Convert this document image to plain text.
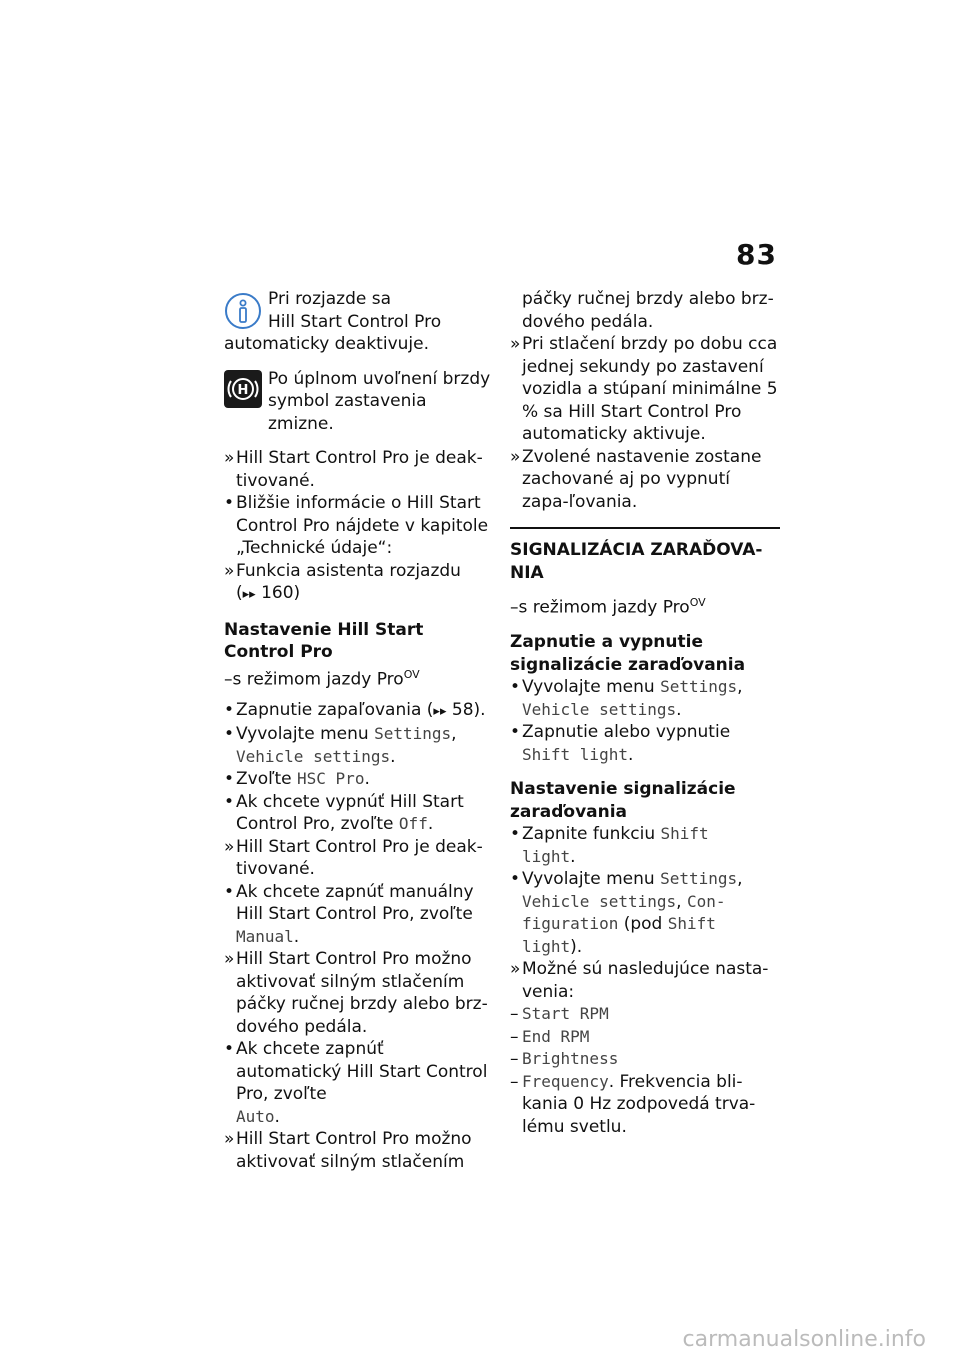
83
Pri rozjazde sa
Hill Start Control Pro
automaticky deaktivuje.
H
Po úplnom uvoľnení brzdy
symbol zastavenia zmizne.
» Hill Start Control Pro je deak-tivované.
• Bližšie informácie o Hill Start Control Pro nájdete v kapitole „Technické údaje“:
» Funkcia asistenta rozjazdu
(▸▸ 160)
Nastavenie Hill Start Control Pro
–s režimom jazdy Pro$^{OV}$
• Zapnutie zapaľovania (▸▸ 58).
• Vyvolajte menu Settings,
Vehicle settings.
• Zvoľte HSC Pro.
• Ak chcete vypnúť Hill Start Control Pro, zvoľte Off.
» Hill Start Control Pro je deak-tivované.
• Ak chcete zapnúť manuálny Hill Start Control Pro, zvoľte
Manual.
» Hill Start Control Pro možno aktivovať silným stlačením páčky ručnej brzdy alebo brz-dového pedála.
• Ak chcete zapnúť automatický Hill Start Control Pro, zvoľte
Auto.
» Hill Start Control Pro možno aktivovať silným stlačením
páčky ručnej brzdy alebo brz-dového pedála.
» Pri stlačení brzdy po dobu cca jednej sekundy po zastavení vozidla a stúpaní minimálne 5 % sa Hill Start Control Pro automaticky aktivuje.
» Zvolené nastavenie zostane zachované aj po vypnutí zapa-ľovania.
SIGNALIZÁCIA ZARAĎOVA-NIA
–s režimom jazdy Pro$^{OV}$
Zapnutie a vypnutie signalizácie zaraďovania
• Vyvolajte menu Settings,
Vehicle settings.
• Zapnutie alebo vypnutie
Shift light.
Nastavenie signalizácie zaraďovania
• Zapnite funkciu Shift
light.
• Vyvolajte menu Settings,
Vehicle settings, Con-
figuration (pod Shift
light).
» Možné sú nasledujúce nasta-venia:
– Start RPM
– End RPM
– Brightness
– Frequency. Frekvencia bli-kania 0 Hz zodpovedá trva-lému svetlu.
carmanualsonline.info
